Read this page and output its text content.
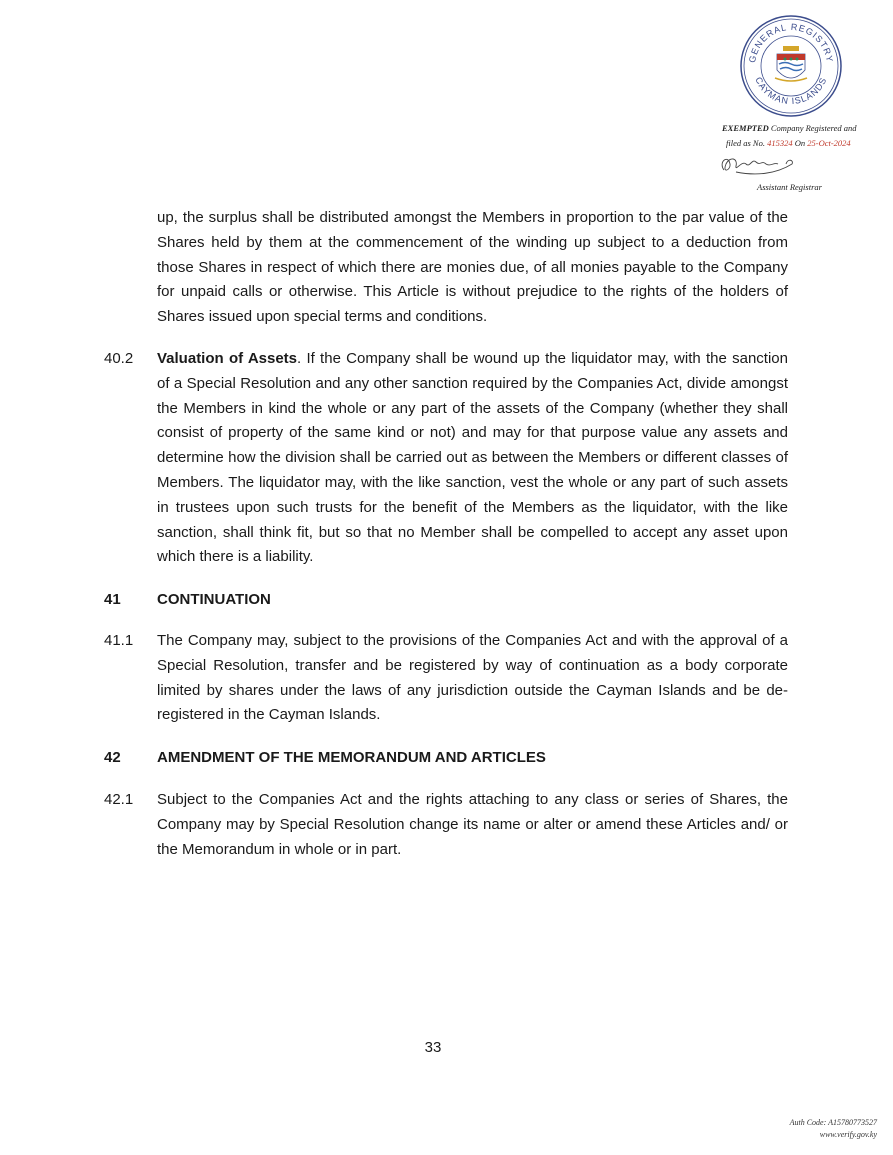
GENERAL REGISTRY
CAYMAN ISLANDS
EXEMPTED Company Registered and
filed as No. 415324 On 25-Oct-2024
Assistant Registrar
up, the surplus shall be distributed amongst the Members in proportion to the par value of the Shares held by them at the commencement of the winding up subject to a deduction from those Shares in respect of which there are monies due, of all monies payable to the Company for unpaid calls or otherwise. This Article is without prejudice to the rights of the holders of Shares issued upon special terms and conditions.
40.2 Valuation of Assets. If the Company shall be wound up the liquidator may, with the sanction of a Special Resolution and any other sanction required by the Companies Act, divide amongst the Members in kind the whole or any part of the assets of the Company (whether they shall consist of property of the same kind or not) and may for that purpose value any assets and determine how the division shall be carried out as between the Members or different classes of Members. The liquidator may, with the like sanction, vest the whole or any part of such assets in trustees upon such trusts for the benefit of the Members as the liquidator, with the like sanction, shall think fit, but so that no Member shall be compelled to accept any asset upon which there is a liability.
41 CONTINUATION
41.1 The Company may, subject to the provisions of the Companies Act and with the approval of a Special Resolution, transfer and be registered by way of continuation as a body corporate limited by shares under the laws of any jurisdiction outside the Cayman Islands and be de-registered in the Cayman Islands.
42 AMENDMENT OF THE MEMORANDUM AND ARTICLES
42.1 Subject to the Companies Act and the rights attaching to any class or series of Shares, the Company may by Special Resolution change its name or alter or amend these Articles and/ or the Memorandum in whole or in part.
33
Auth Code: A15780773527
www.verify.gov.ky
